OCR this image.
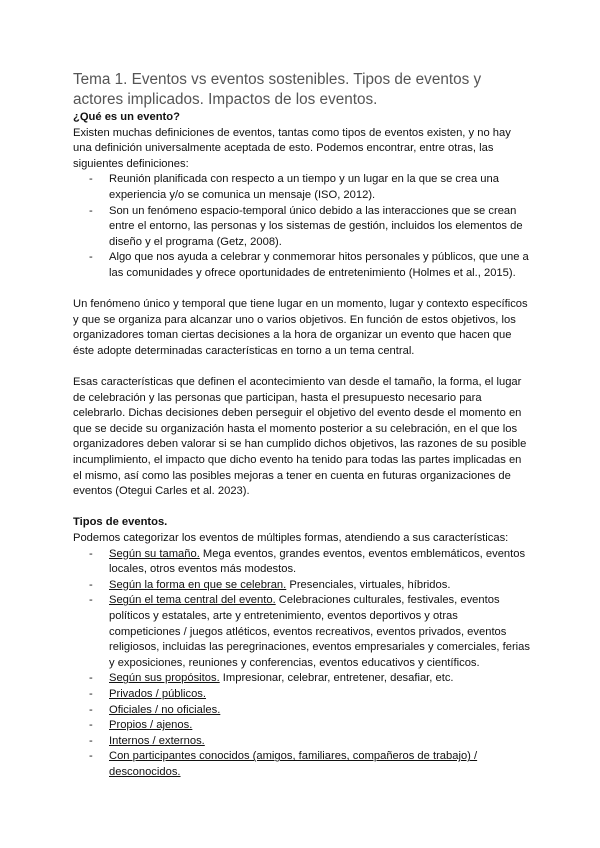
Tema 1. Eventos vs eventos sostenibles. Tipos de eventos y actores implicados. Impactos de los eventos.

¿Qué es un evento?

Existen muchas definiciones de eventos, tantas como tipos de eventos existen, y no hay una definición universalmente aceptada de esto. Podemos encontrar, entre otras, las siguientes definiciones:

- Reunión planificada con respecto a un tiempo y un lugar en la que se crea una experiencia y/o se comunica un mensaje (ISO, 2012).
- Son un fenómeno espacio-temporal único debido a las interacciones que se crean entre el entorno, las personas y los sistemas de gestión, incluidos los elementos de diseño y el programa (Getz, 2008).
- Algo que nos ayuda a celebrar y conmemorar hitos personales y públicos, que une a las comunidades y ofrece oportunidades de entretenimiento (Holmes et al., 2015).

Un fenómeno único y temporal que tiene lugar en un momento, lugar y contexto específicos y que se organiza para alcanzar uno o varios objetivos. En función de estos objetivos, los organizadores toman ciertas decisiones a la hora de organizar un evento que hacen que éste adopte determinadas características en torno a un tema central.

Esas características que definen el acontecimiento van desde el tamaño, la forma, el lugar de celebración y las personas que participan, hasta el presupuesto necesario para celebrarlo. Dichas decisiones deben perseguir el objetivo del evento desde el momento en que se decide su organización hasta el momento posterior a su celebración, en el que los organizadores deben valorar si se han cumplido dichos objetivos, las razones de su posible incumplimiento, el impacto que dicho evento ha tenido para todas las partes implicadas en el mismo, así como las posibles mejoras a tener en cuenta en futuras organizaciones de eventos (Otegui Carles et al. 2023).

Tipos de eventos.

Podemos categorizar los eventos de múltiples formas, atendiendo a sus características:

- Según su tamaño. Mega eventos, grandes eventos, eventos emblemáticos, eventos locales, otros eventos más modestos.
- Según la forma en que se celebran. Presenciales, virtuales, híbridos.
- Según el tema central del evento. Celebraciones culturales, festivales, eventos políticos y estatales, arte y entretenimiento, eventos deportivos y otras competiciones / juegos atléticos, eventos recreativos, eventos privados, eventos religiosos, incluidas las peregrinaciones, eventos empresariales y comerciales, ferias y exposiciones, reuniones y conferencias, eventos educativos y científicos.
- Según sus propósitos. Impresionar, celebrar, entretener, desafiar, etc.
- Privados / públicos.
- Oficiales / no oficiales.
- Propios / ajenos.
- Internos / externos.
- Con participantes conocidos (amigos, familiares, compañeros de trabajo) / desconocidos.
